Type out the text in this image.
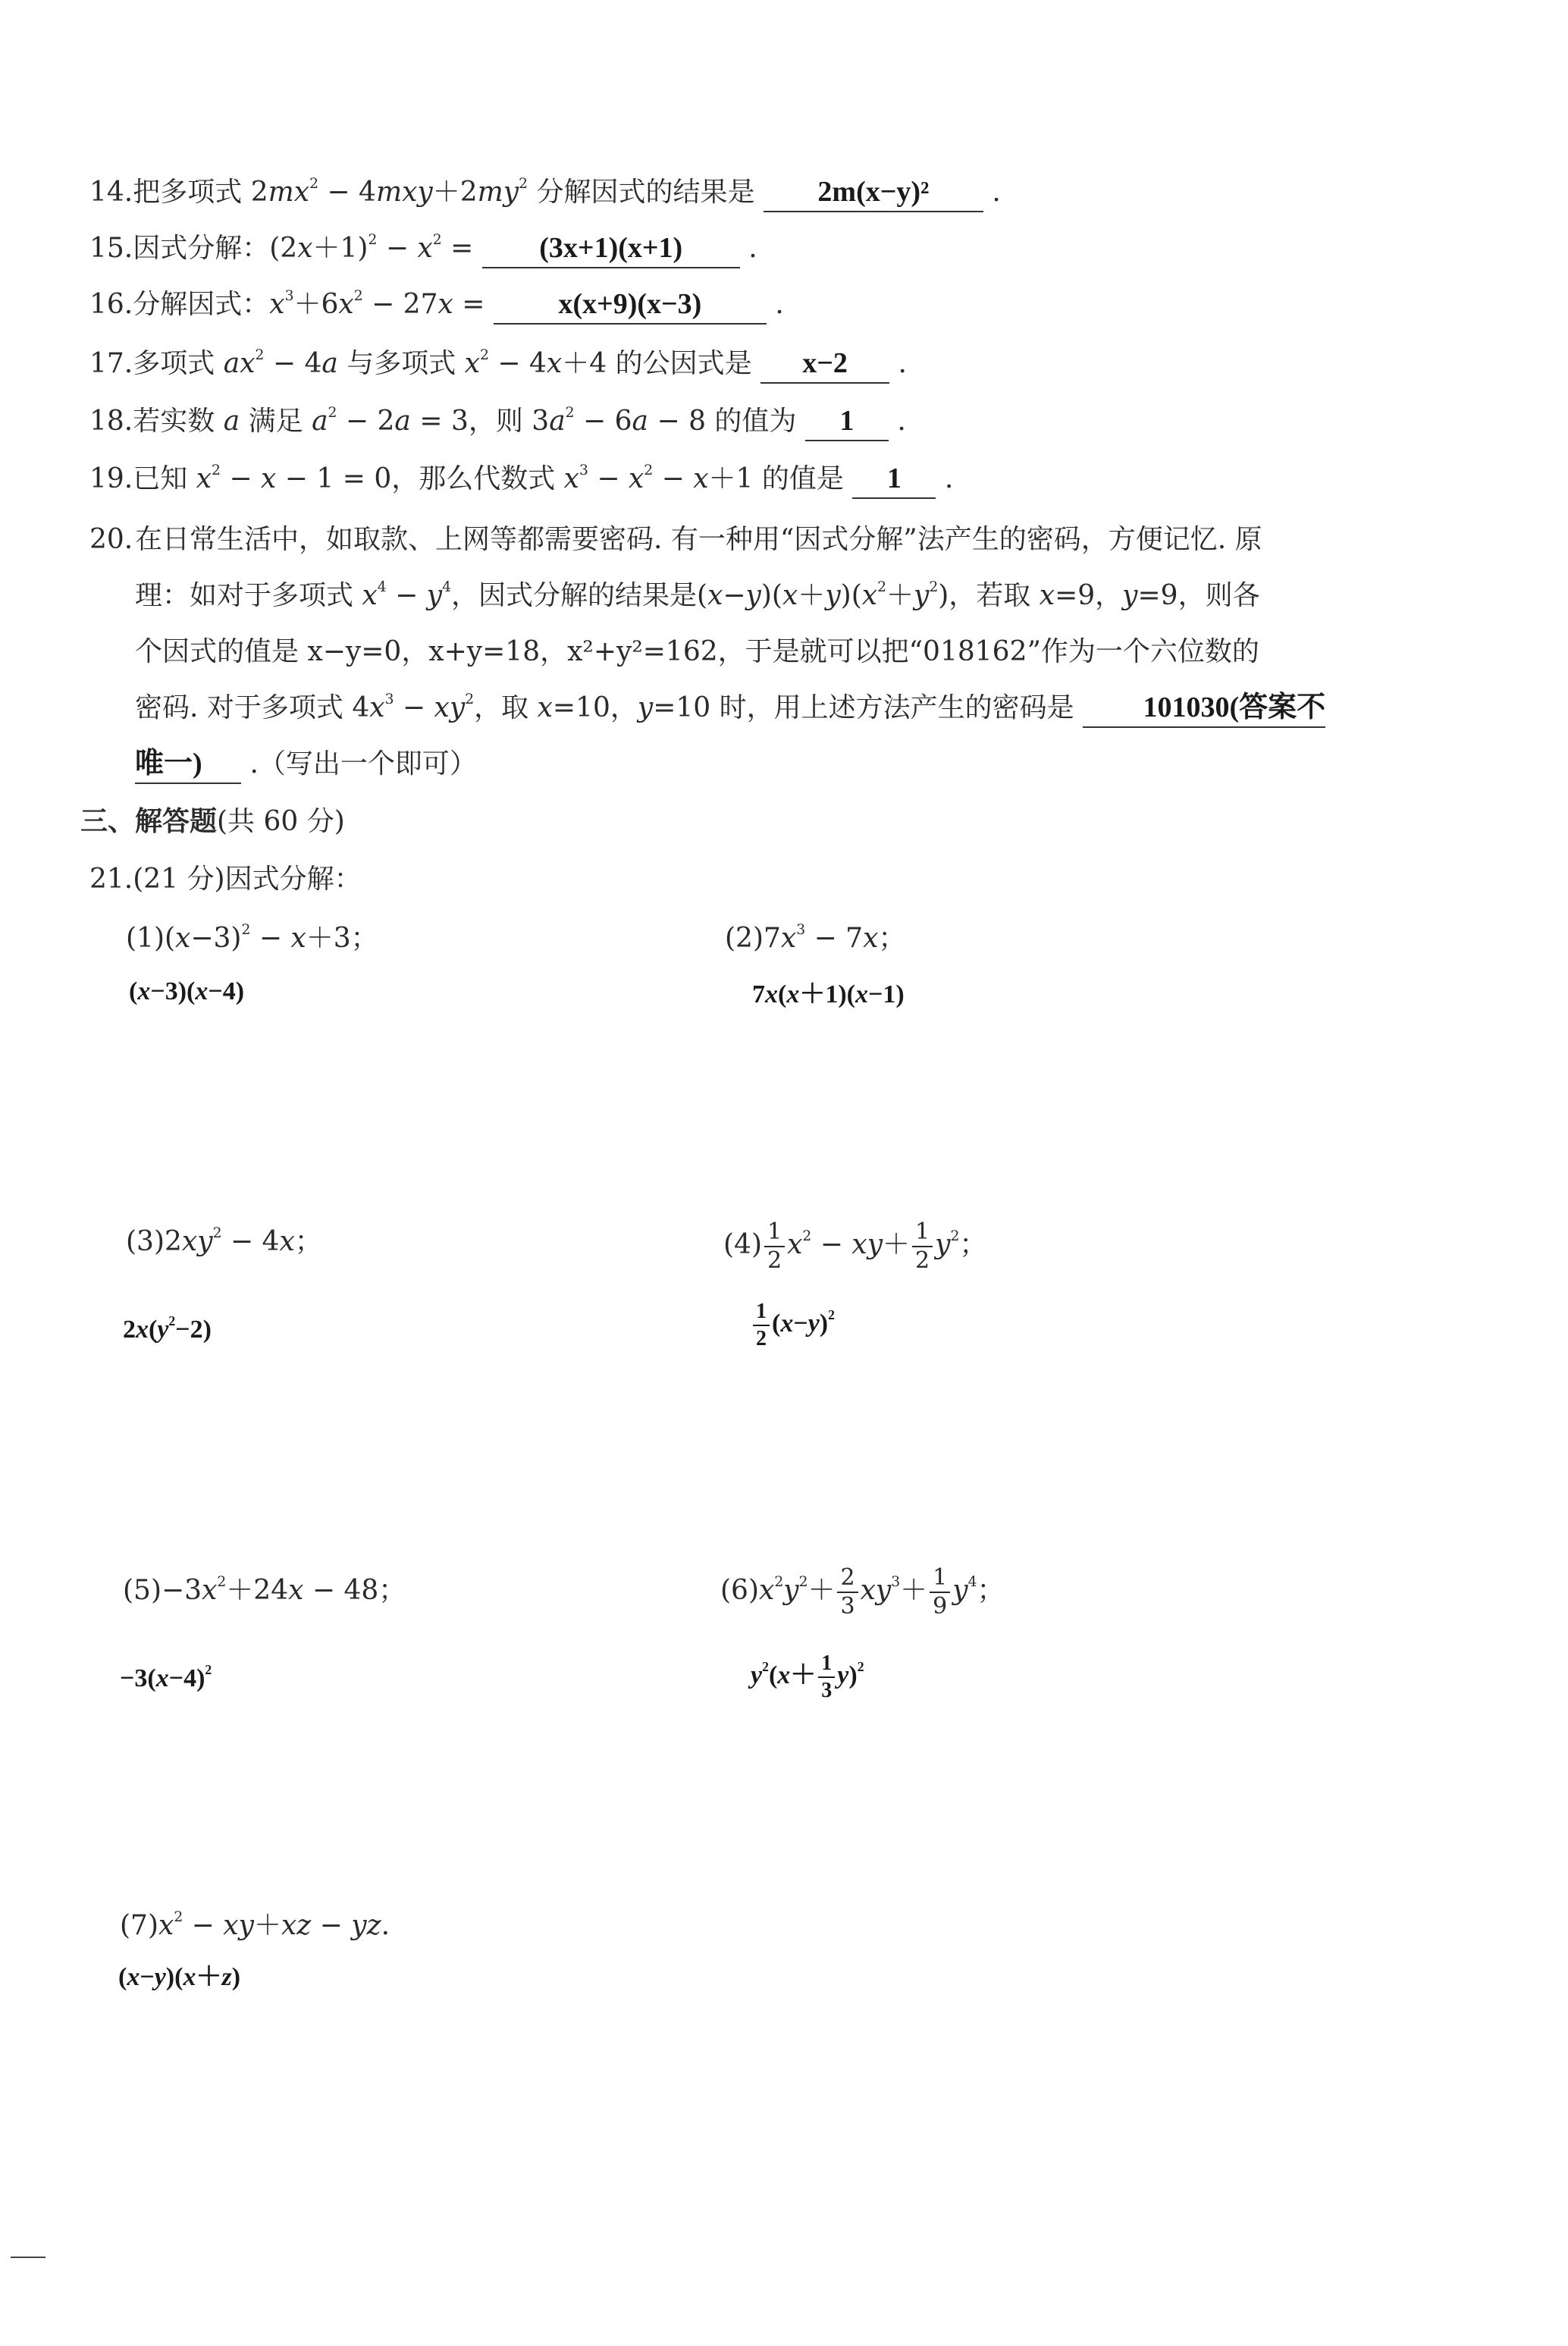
14.把多项式 $2mx^2 - 4mxy+2my^2$ 分解因式的结果是 2m(x−y)² .
15.因式分解：$(2x+1)^2 - x^2 = (3x+1)(x+1)$ .
16.分解因式：$x^3+6x^2 - 27x$ =	x(x+9)(x−3)	.
17.多项式 $ax^2 - 4a$ 与多项式 $x^2 - 4x+4$ 的公因式是 x−2 .
18.若实数 a 满足 $a^2 - 2a = 3$，则 $3a^2 - 6a - 8$ 的值为 1 .
19.已知 $x^2 - x - 1 = 0$，那么代数式 $x^3 - x^2 - x+1$ 的值是 1 .
20. 在日常生活中，如取款、上网等都需要密码. 有一种用“因式分解”法产生的密码，方便记忆. 原
理：如对于多项式 $x^4 - y^4$，因式分解的结果是$(x-y)(x+y)(x^2+y^2)$，若取 x=9，y=9，则各
个因式的值是 x−y=0，x+y=18，x²+y²=162，于是就可以把“018162”作为一个六位数的
密码. 对于多项式 $4x^3 - xy^2$，取 x=10，y=10 时，用上述方法产生的密码是 101030(答案不
唯一) .（写出一个即可）
三、解答题(共 60 分)
21.(21 分)因式分解：
$(1)(x-3)^2 - x+3$；
(x−3)(x−4)
$(2)7x^3 - 7x$；
7x(x＋1)(x−1)
$(3)2xy^2 - 4x$；
$2x(y^2-2)$
$(4) \frac{1}{2} x^2 - xy+ \frac{1}{2} y^2$；
$\frac{1}{2} (x-y)^2$
$(5)-3x^2+24x - 48$；
$-3(x-4)^2$
$(6)x^2y^2+ \frac{2}{3} xy^3+ \frac{1}{9} y^4$；
$y^2(x+ \frac{1}{3} y)^2$
$(7)x^2 - xy+xz$ − yz.
(x−y)(x＋z)
